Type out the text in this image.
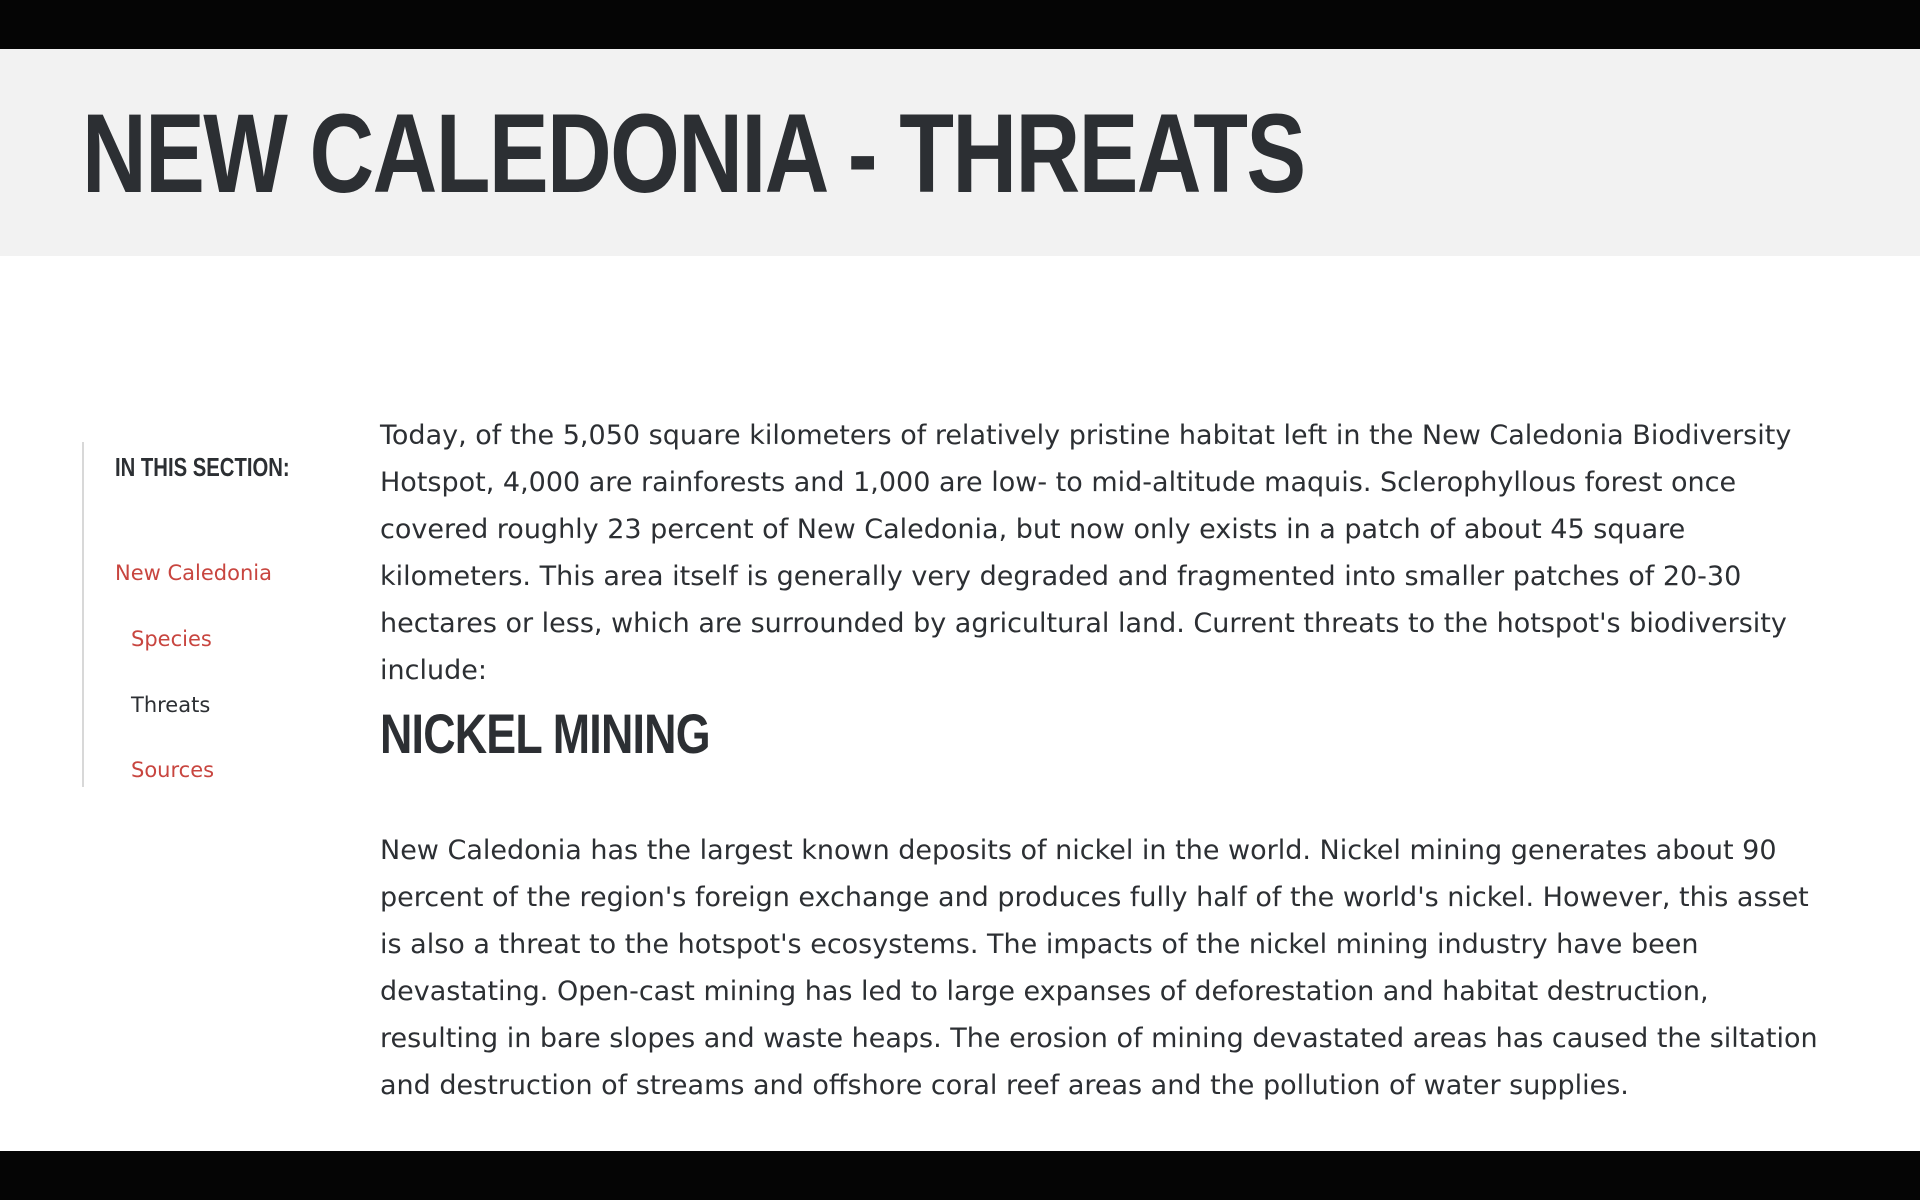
NEW CALEDONIA - THREATS
IN THIS SECTION:
New Caledonia
Species
Threats
Sources

Today, of the 5,050 square kilometers of relatively pristine habitat left in the New Caledonia Biodiversity Hotspot, 4,000 are rainforests and 1,000 are low- to mid-altitude maquis. Sclerophyllous forest once covered roughly 23 percent of New Caledonia, but now only exists in a patch of about 45 square kilometers. This area itself is generally very degraded and fragmented into smaller patches of 20-30 hectares or less, which are surrounded by agricultural land. Current threats to the hotspot's biodiversity include:

NICKEL MINING

New Caledonia has the largest known deposits of nickel in the world. Nickel mining generates about 90 percent of the region's foreign exchange and produces fully half of the world's nickel. However, this asset is also a threat to the hotspot's ecosystems. The impacts of the nickel mining industry have been devastating. Open-cast mining has led to large expanses of deforestation and habitat destruction, resulting in bare slopes and waste heaps. The erosion of mining devastated areas has caused the siltation and destruction of streams and offshore coral reef areas and the pollution of water supplies.
